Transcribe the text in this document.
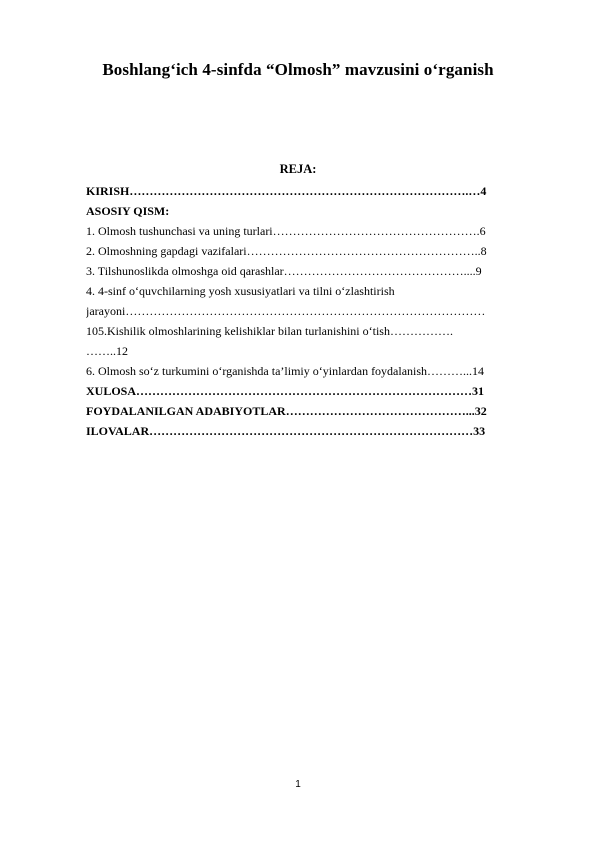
Boshlang‘ich 4-sinfda “Olmosh” mavzusini o‘rganish
REJA:
KIRISH………………………………………………………………………….…4
ASOSIY QISM:
1. Olmosh tushunchasi va uning turlari…………………………………………….6
2. Olmoshning gapdagi vazifalari…………………………………………………..8
3. Tilshunoslikda olmoshga oid qarashlar………………………………………....9
4. 4-sinf o‘quvchilarning yosh xususiyatlari va tilni o‘zlashtirish
jarayoni………………………………………………………………………………
105.Kishilik olmoshlarining kelishiklar bilan turlanishini o‘tish…………….
……..12
6. Olmosh so‘z turkumini o‘rganishda ta’limiy o‘yinlardan foydalanish………...14
XULOSA…………………………………………………………………………31
FOYDALANILGAN ADABIYOTLAR………………………………………...32
ILOVALAR………………………………………………………………………33
1
